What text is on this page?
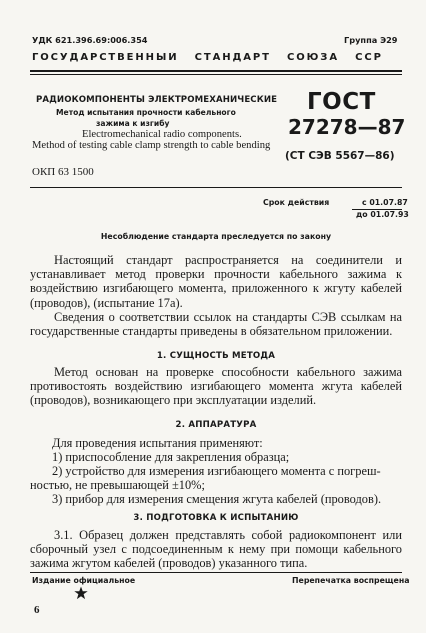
УДК 621.396.69:006.354	Группа Э29
ГОСУДАРСТВЕННЫЙ   СТАНДАРТ   СОЮЗА   ССР
РАДИОКОМПОНЕНТЫ ЭЛЕКТРОМЕХАНИЧЕСКИЕ
Метод испытания прочности кабельного
зажима к изгибу
Electromechanical radio components.
Method of testing cable clamp strength to cable bending
ГОСТ
27278—87
(СТ СЭВ 5567—86)
ОКП 63 1500
Срок действия	с 01.07.87
до 01.07.93
Несоблюдение стандарта преследуется по закону
Настоящий стандарт распространяется на соединители и устанавливает метод проверки прочности кабельного зажима к воздействию изгибающего момента, приложенного к жгуту кабелей (проводов), (испытание 17а).
Сведения о соответствии ссылок на стандарты СЭВ ссылкам на государственные стандарты приведены в обязательном приложении.
1. СУЩНОСТЬ МЕТОДА
Метод основан на проверке способности кабельного зажима противостоять воздействию изгибающего момента жгута кабелей (проводов), возникающего при эксплуатации изделий.
2. АППАРАТУРА
Для проведения испытания применяют:
1) приспособление для закрепления образца;
2) устройство для измерения изгибающего момента с погреш-
ностью, не превышающей ±10%;
3) прибор для измерения смещения жгута кабелей (проводов).
3. ПОДГОТОВКА К ИСПЫТАНИЮ
3.1. Образец должен представлять собой радиокомпонент или сборочный узел с подсоединенным к нему при помощи кабельного зажима жгутом кабелей (проводов) указанного типа.
Издание официальное	Перепечатка воспрещена
6
